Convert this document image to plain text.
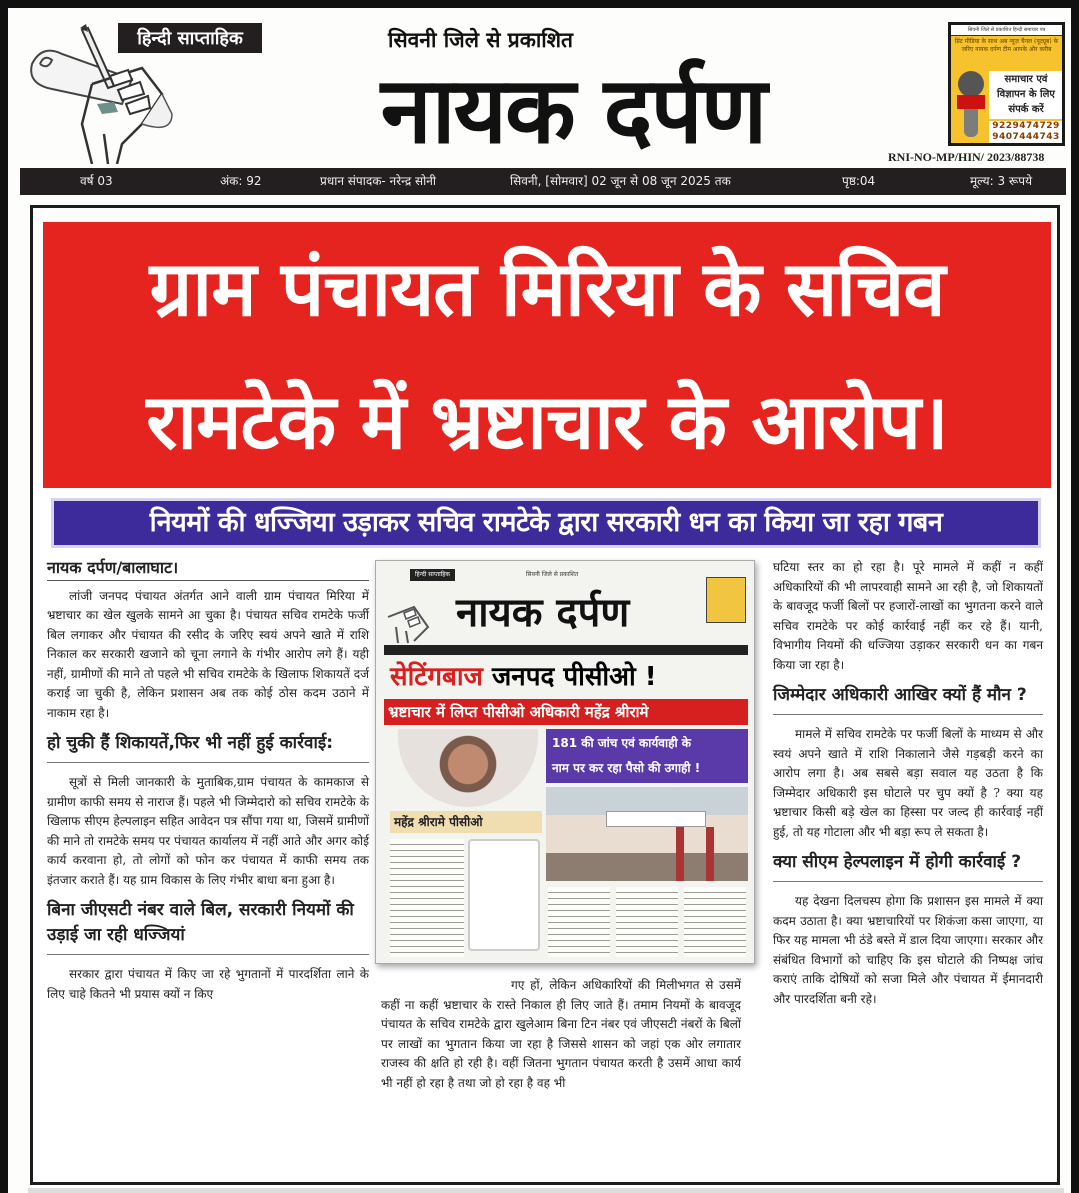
हिन्दी साप्ताहिक	सिवनी जिले से प्रकाशित
नायक दर्पण
सिवनी जिले से प्रकाशित हिन्दी समाचार पत्र
प्रिंट मीडिया के साथ अब न्यूज़ चैनल (यूट्यूब) के जरिए नायक दर्पण टीम आपके और करीब
समाचार एवं विज्ञापन के लिए संपर्क करें
9229474729
9407444743
RNI-NO-MP/HIN/ 2023/88738
वर्ष 03	अंक: 92	प्रधान संपादक- नरेन्द्र सोनी	सिवनी, [सोमवार] 02 जून से 08 जून 2025 तक	पृष्ठ:04	मूल्य: 3 रूपये
ग्राम पंचायत मिरिया के सचिव
रामटेके में भ्रष्टाचार के आरोप।
नियमों की धज्जिया उड़ाकर सचिव रामटेके द्वारा सरकारी धन का किया जा रहा गबन
नायक दर्पण/बालाघाट।

लांजी जनपद पंचायत अंतर्गत आने वाली ग्राम पंचायत मिरिया में भ्रष्टाचार का खेल खुलके सामने आ चुका है। पंचायत सचिव रामटेके फर्जी बिल लगाकर और पंचायत की रसीद के जरिए स्वयं अपने खाते में राशि निकाल कर सरकारी खजाने को चूना लगाने के गंभीर आरोप लगे हैं। यही नहीं, ग्रामीणों की माने तो पहले भी सचिव रामटेके के खिलाफ शिकायतें दर्ज कराई जा चुकी है, लेकिन प्रशासन अब तक कोई ठोस कदम उठाने में नाकाम रहा है।

हो चुकी हैं शिकायतें,फिर भी नहीं हुई कार्रवाई:

सूत्रों से मिली जानकारी के मुताबिक,ग्राम पंचायत के कामकाज से ग्रामीण काफी समय से नाराज हैं। पहले भी जिम्मेदारो को सचिव रामटेके के खिलाफ सीएम हेल्पलाइन सहित आवेदन पत्र सौंपा गया था, जिसमें ग्रामीणों की माने तो रामटेके समय पर पंचायत कार्यालय में नहीं आते और अगर कोई कार्य करवाना हो, तो लोगों को फोन कर पंचायत में काफी समय तक इंतजार कराते हैं। यह ग्राम विकास के लिए गंभीर बाधा बना हुआ है।

बिना जीएसटी नंबर वाले बिल, सरकारी नियमों की उड़ाई जा रही धज्जियां

सरकार द्वारा पंचायत में किए जा रहे भुगतानों में पारदर्शिता लाने के लिए चाहे कितने भी प्रयास क्यों न किए

हिन्दी साप्ताहिक	सिवनी जिले से प्रकाशित
नायक दर्पण
सेटिंगबाज जनपद पीसीओ !
भ्रष्टाचार में लिप्त पीसीओ अधिकारी महेंद्र श्रीरामे
181 की जांच एवं कार्यवाही के
नाम पर कर रहा पैसो की उगाही !
महेंद्र श्रीरामे पीसीओ

गए हों, लेकिन अधिकारियों की मिलीभगत से उसमें कहीं ना कहीं भ्रष्टाचार के रास्ते निकाल ही लिए जाते हैं। तमाम नियमों के बावजूद पंचायत के सचिव रामटेके द्वारा खुलेआम बिना टिन नंबर एवं जीएसटी नंबरों के बिलों पर लाखों का भुगतान किया जा रहा है जिससे शासन को जहां एक ओर लगातार राजस्व की क्षति हो रही है। वहीं जितना भुगतान पंचायत करती है उसमें आधा कार्य भी नहीं हो रहा है तथा जो हो रहा है वह भी

घटिया स्तर का हो रहा है। पूरे मामले में कहीं न कहीं अधिकारियों की भी लापरवाही सामने आ रही है, जो शिकायतों के बावजूद फर्जी बिलों पर हजारों-लाखों का भुगतना करने वाले सचिव रामटेके पर कोई कार्रवाई नहीं कर रहे हैं। यानी, विभागीय नियमों की धज्जिया उड़ाकर सरकारी धन का गबन किया जा रहा है।

जिम्मेदार अधिकारी आखिर क्यों हैं मौन ?

मामले में सचिव रामटेके पर फर्जी बिलों के माध्यम से और स्वयं अपने खाते में राशि निकालाने जैसे गड़बड़ी करने का आरोप लगा है। अब सबसे बड़ा सवाल यह उठता है कि जिम्मेदार अधिकारी इस घोटाले पर चुप क्यों है ? क्या यह भ्रष्टाचार किसी बड़े खेल का हिस्सा पर जल्द ही कार्रवाई नहीं हुई, तो यह गोटाला और भी बड़ा रूप ले सकता है।

क्या सीएम हेल्पलाइन में होगी कार्रवाई ?

यह देखना दिलचस्प होगा कि प्रशासन इस मामले में क्या कदम उठाता है। क्या भ्रष्टाचारियों पर शिकंजा कसा जाएगा, या फिर यह मामला भी ठंडे बस्ते में डाल दिया जाएगा। सरकार और संबंधित विभागों को चाहिए कि इस घोटाले की निष्पक्ष जांच कराएं ताकि दोषियों को सजा मिले और पंचायत में ईमानदारी और पारदर्शिता बनी रहे।
